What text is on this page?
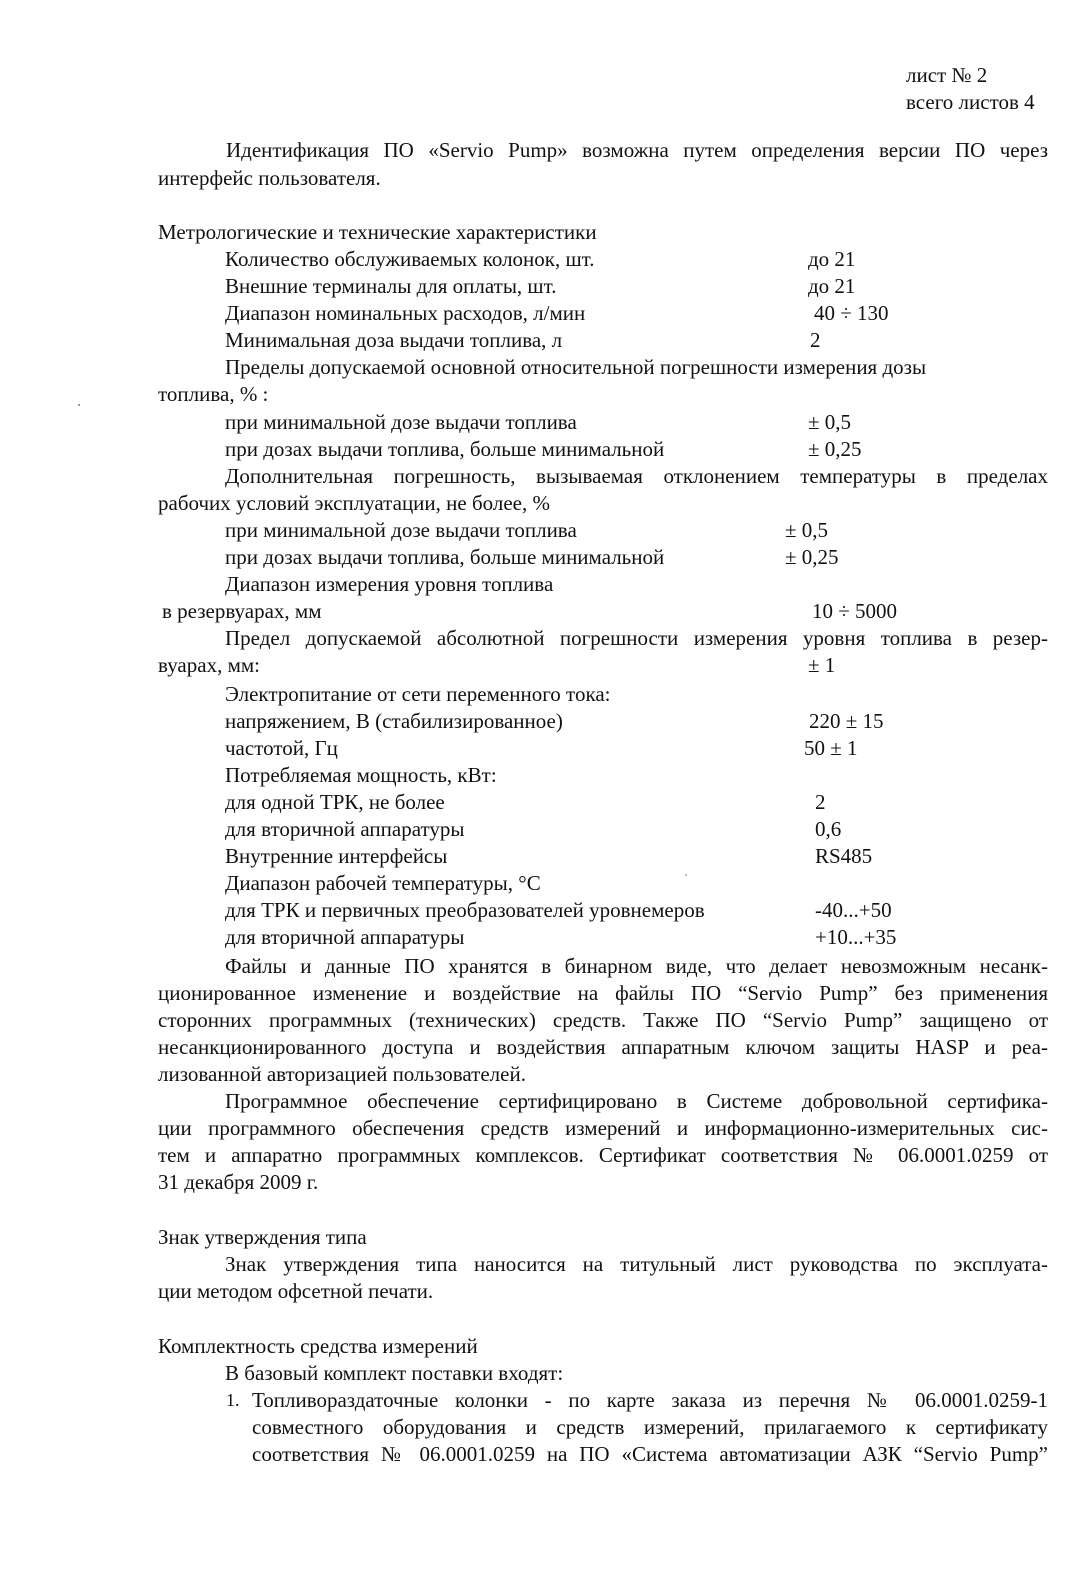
лист № 2
всего листов 4
Идентификация ПО «Servio Pump» возможна путем определения версии ПО через
интерфейс пользователя.
Метрологические и технические характеристики
Количество обслуживаемых колонок, шт.	до 21
Внешние терминалы для оплаты, шт.	до 21
Диапазон номинальных расходов, л/мин	40 ÷ 130
Минимальная доза выдачи топлива, л	2
Пределы допускаемой основной относительной погрешности измерения дозы
топлива, % :
при минимальной дозе выдачи топлива	± 0,5
при дозах выдачи топлива, больше минимальной	± 0,25
Дополнительная погрешность, вызываемая отклонением температуры в пределах
рабочих условий эксплуатации, не более, %
при минимальной дозе выдачи топлива	± 0,5
при дозах выдачи топлива, больше минимальной	± 0,25
Диапазон измерения уровня топлива
в резервуарах, мм	10 ÷ 5000
Предел допускаемой абсолютной погрешности измерения уровня топлива в резер-
вуарах, мм:	± 1
Электропитание от сети переменного тока:
напряжением, В (стабилизированное)	220 ± 15
частотой, Гц	50 ± 1
Потребляемая мощность, кВт:
для одной ТРК, не более	2
для вторичной аппаратуры	0,6
Внутренние интерфейсы	RS485
Диапазон рабочей температуры, °С
для ТРК и первичных преобразователей уровнемеров	-40...+50
для вторичной аппаратуры	+10...+35
Файлы и данные ПО хранятся в бинарном виде, что делает невозможным несанк-
ционированное изменение и воздействие на файлы ПО “Servio Pump” без применения
сторонних программных (технических) средств. Также ПО “Servio Pump” защищено от
несанкционированного доступа и воздействия аппаратным ключом защиты HASP и реа-
лизованной авторизацией пользователей.
Программное обеспечение сертифицировано в Системе добровольной сертифика-
ции программного обеспечения средств измерений и информационно-измерительных сис-
тем и аппаратно программных комплексов. Сертификат соответствия № 06.0001.0259 от
31 декабря 2009 г.
Знак утверждения типа
Знак утверждения типа наносится на титульный лист руководства по эксплуата-
ции методом офсетной печати.
Комплектность средства измерений
В базовый комплект поставки входят:
1. Топливораздаточные колонки - по карте заказа из перечня № 06.0001.0259-1
совместного оборудования и средств измерений, прилагаемого к сертификату
соответствия № 06.0001.0259 на ПО «Система автоматизации АЗК “Servio Pump”
